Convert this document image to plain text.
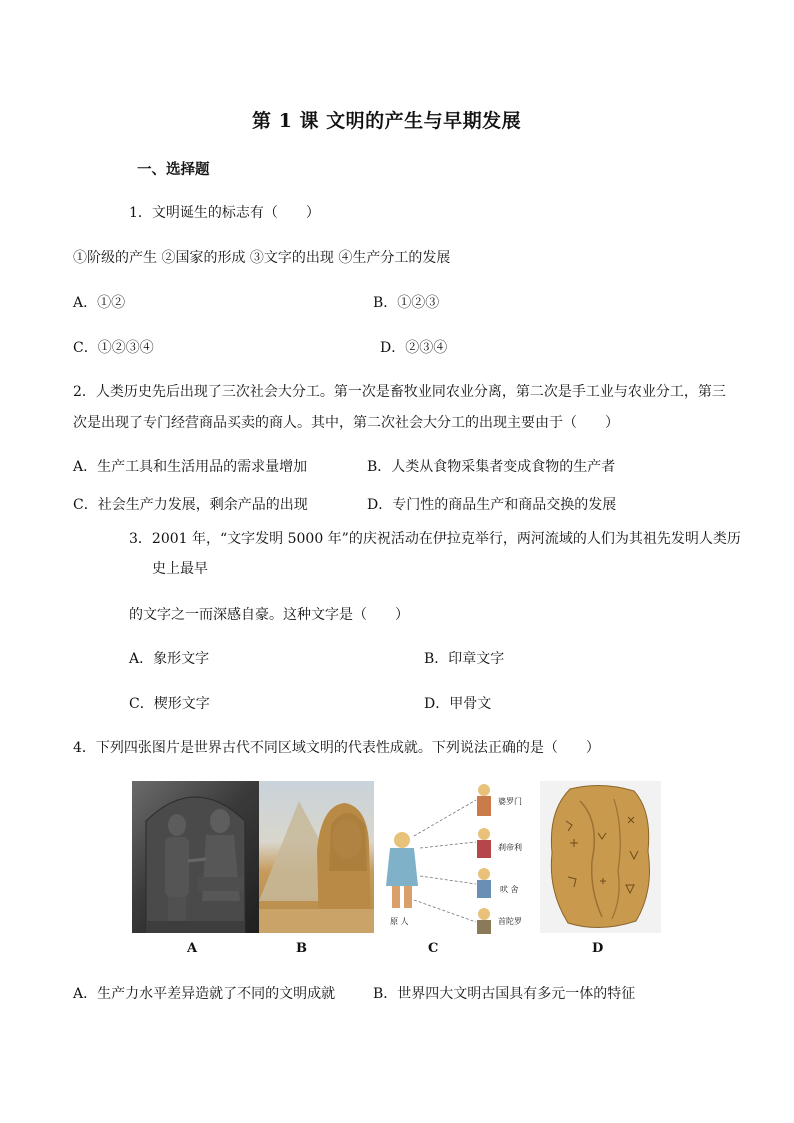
第 1 课 文明的产生与早期发展
一、选择题
1．文明诞生的标志有（　　）
①阶级的产生 ②国家的形成 ③文字的出现 ④生产分工的发展
A．①②	B．①②③
C．①②③④	D．②③④
2．人类历史先后出现了三次社会大分工。第一次是畜牧业同农业分离，第二次是手工业与农业分工，第三
次是出现了专门经营商品买卖的商人。其中，第二次社会大分工的出现主要由于（　　）
A．生产工具和生活用品的需求量增加	B．人类从食物采集者变成食物的生产者
C．社会生产力发展，剩余产品的出现	D．专门性的商品生产和商品交换的发展
3．2001 年，“文字发明 5000 年”的庆祝活动在伊拉克举行，两河流域的人们为其祖先发明人类历
史上最早
的文字之一而深感自豪。这种文字是（　　）
A．象形文字	B．印章文字
C．楔形文字	D．甲骨文
4．下列四张图片是世界古代不同区域文明的代表性成就。下列说法正确的是（　　）
婆罗门
刹帝利
吠 舍
首陀罗
原 人
A	B	C	D
A．生产力水平差异造就了不同的文明成就	B．世界四大文明古国具有多元一体的特征
